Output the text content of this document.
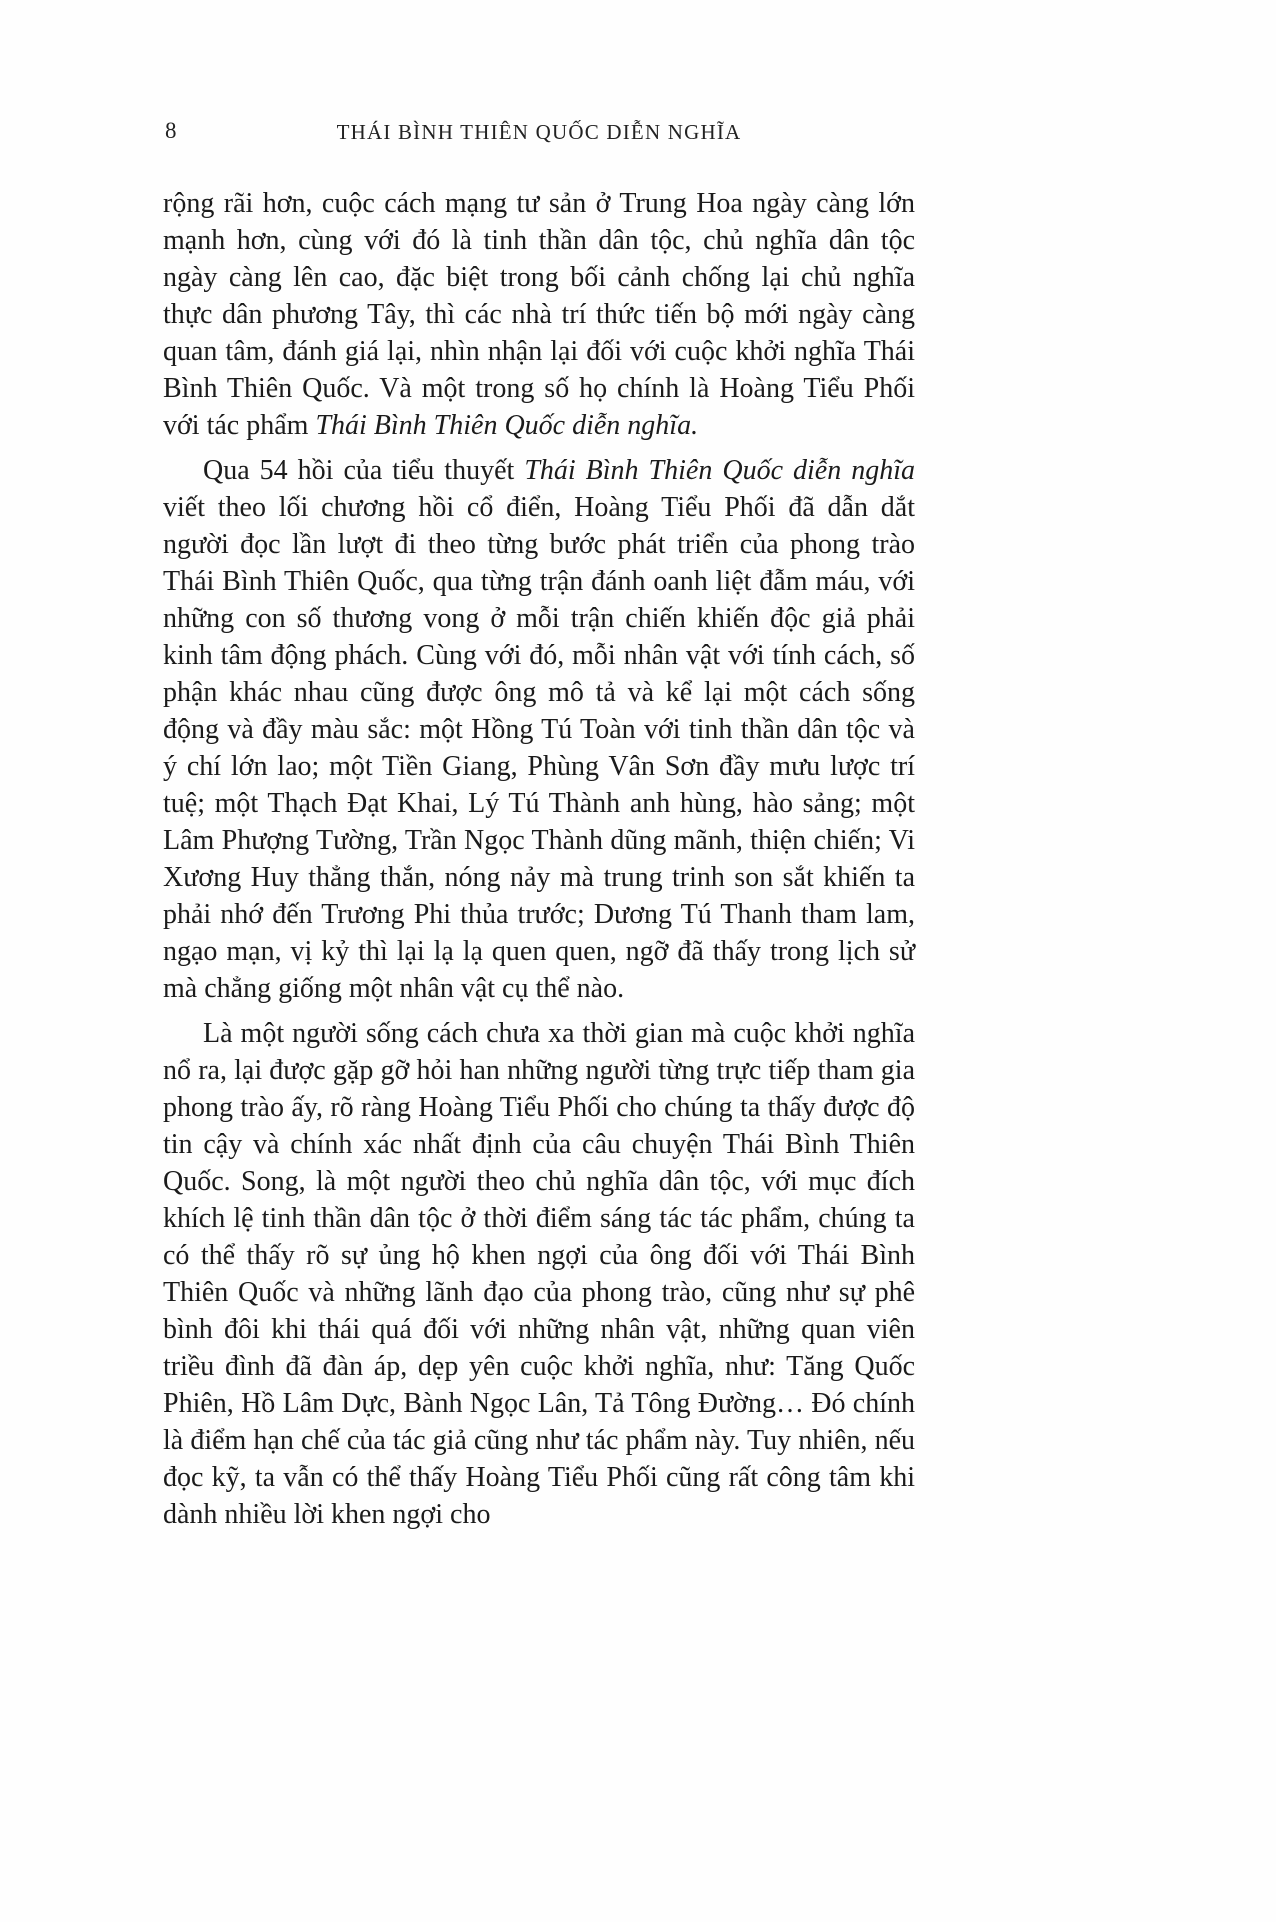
8	THÁI BÌNH THIÊN QUỐC DIỄN NGHĨA

rộng rãi hơn, cuộc cách mạng tư sản ở Trung Hoa ngày càng lớn mạnh hơn, cùng với đó là tinh thần dân tộc, chủ nghĩa dân tộc ngày càng lên cao, đặc biệt trong bối cảnh chống lại chủ nghĩa thực dân phương Tây, thì các nhà trí thức tiến bộ mới ngày càng quan tâm, đánh giá lại, nhìn nhận lại đối với cuộc khởi nghĩa Thái Bình Thiên Quốc. Và một trong số họ chính là Hoàng Tiểu Phối với tác phẩm Thái Bình Thiên Quốc diễn nghĩa.

Qua 54 hồi của tiểu thuyết Thái Bình Thiên Quốc diễn nghĩa viết theo lối chương hồi cổ điển, Hoàng Tiểu Phối đã dẫn dắt người đọc lần lượt đi theo từng bước phát triển của phong trào Thái Bình Thiên Quốc, qua từng trận đánh oanh liệt đẫm máu, với những con số thương vong ở mỗi trận chiến khiến độc giả phải kinh tâm động phách. Cùng với đó, mỗi nhân vật với tính cách, số phận khác nhau cũng được ông mô tả và kể lại một cách sống động và đầy màu sắc: một Hồng Tú Toàn với tinh thần dân tộc và ý chí lớn lao; một Tiền Giang, Phùng Vân Sơn đầy mưu lược trí tuệ; một Thạch Đạt Khai, Lý Tú Thành anh hùng, hào sảng; một Lâm Phượng Tường, Trần Ngọc Thành dũng mãnh, thiện chiến; Vi Xương Huy thẳng thắn, nóng nảy mà trung trinh son sắt khiến ta phải nhớ đến Trương Phi thủa trước; Dương Tú Thanh tham lam, ngạo mạn, vị kỷ thì lại lạ lạ quen quen, ngỡ đã thấy trong lịch sử mà chẳng giống một nhân vật cụ thể nào.

Là một người sống cách chưa xa thời gian mà cuộc khởi nghĩa nổ ra, lại được gặp gỡ hỏi han những người từng trực tiếp tham gia phong trào ấy, rõ ràng Hoàng Tiểu Phối cho chúng ta thấy được độ tin cậy và chính xác nhất định của câu chuyện Thái Bình Thiên Quốc. Song, là một người theo chủ nghĩa dân tộc, với mục đích khích lệ tinh thần dân tộc ở thời điểm sáng tác tác phẩm, chúng ta có thể thấy rõ sự ủng hộ khen ngợi của ông đối với Thái Bình Thiên Quốc và những lãnh đạo của phong trào, cũng như sự phê bình đôi khi thái quá đối với những nhân vật, những quan viên triều đình đã đàn áp, dẹp yên cuộc khởi nghĩa, như: Tăng Quốc Phiên, Hồ Lâm Dực, Bành Ngọc Lân, Tả Tông Đường… Đó chính là điểm hạn chế của tác giả cũng như tác phẩm này. Tuy nhiên, nếu đọc kỹ, ta vẫn có thể thấy Hoàng Tiểu Phối cũng rất công tâm khi dành nhiều lời khen ngợi cho
